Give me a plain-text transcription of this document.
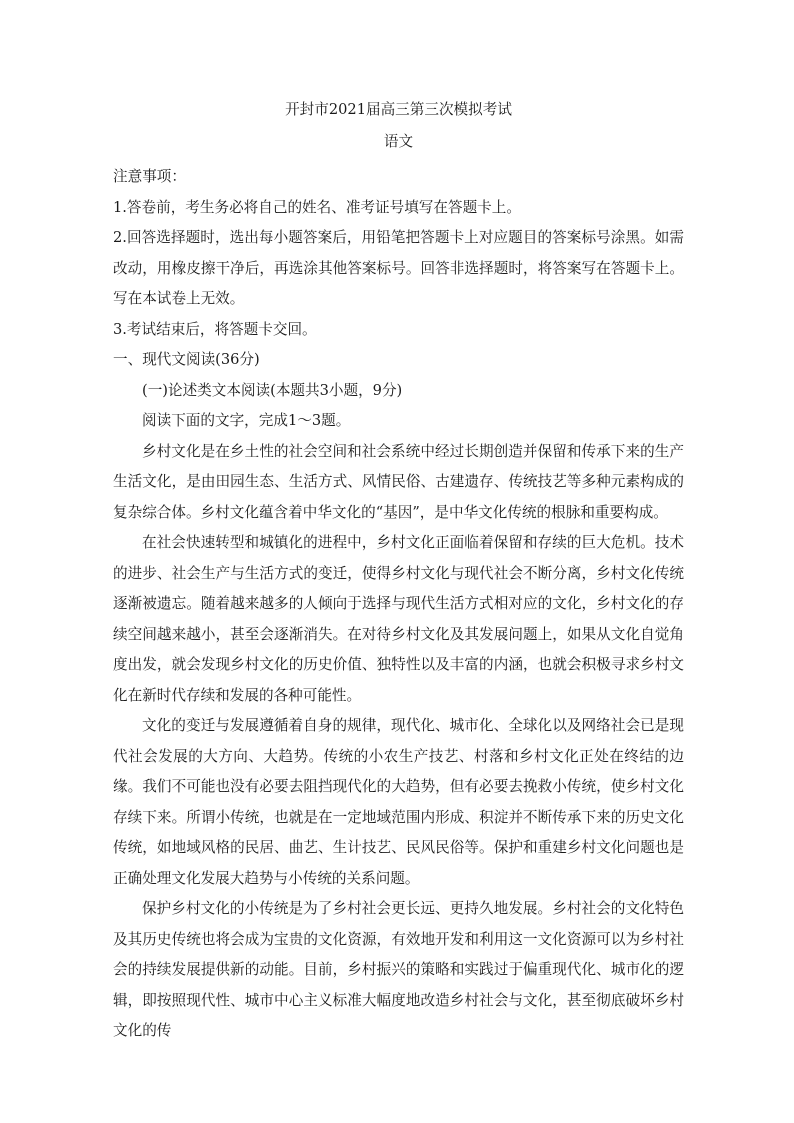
开封市2021届高三第三次模拟考试

语文

注意事项：

1.答卷前，考生务必将自己的姓名、准考证号填写在答题卡上。

2.回答选择题时，选出每小题答案后，用铅笔把答题卡上对应题目的答案标号涂黑。如需改动，用橡皮擦干净后，再选涂其他答案标号。回答非选择题时，将答案写在答题卡上。写在本试卷上无效。

3.考试结束后，将答题卡交回。

一、现代文阅读(36分)

(一)论述类文本阅读(本题共3小题，9分)

阅读下面的文字，完成1～3题。

乡村文化是在乡土性的社会空间和社会系统中经过长期创造并保留和传承下来的生产生活文化，是由田园生态、生活方式、风情民俗、古建遗存、传统技艺等多种元素构成的复杂综合体。乡村文化蕴含着中华文化的“基因”，是中华文化传统的根脉和重要构成。

在社会快速转型和城镇化的进程中，乡村文化正面临着保留和存续的巨大危机。技术的进步、社会生产与生活方式的变迁，使得乡村文化与现代社会不断分离，乡村文化传统逐渐被遗忘。随着越来越多的人倾向于选择与现代生活方式相对应的文化，乡村文化的存续空间越来越小，甚至会逐渐消失。在对待乡村文化及其发展问题上，如果从文化自觉角度出发，就会发现乡村文化的历史价值、独特性以及丰富的内涵，也就会积极寻求乡村文化在新时代存续和发展的各种可能性。

文化的变迁与发展遵循着自身的规律，现代化、城市化、全球化以及网络社会已是现代社会发展的大方向、大趋势。传统的小农生产技艺、村落和乡村文化正处在终结的边缘。我们不可能也没有必要去阻挡现代化的大趋势，但有必要去挽救小传统，使乡村文化存续下来。所谓小传统，也就是在一定地域范围内形成、积淀并不断传承下来的历史文化传统，如地域风格的民居、曲艺、生计技艺、民风民俗等。保护和重建乡村文化问题也是正确处理文化发展大趋势与小传统的关系问题。

保护乡村文化的小传统是为了乡村社会更长远、更持久地发展。乡村社会的文化特色及其历史传统也将会成为宝贵的文化资源，有效地开发和利用这一文化资源可以为乡村社会的持续发展提供新的动能。目前，乡村振兴的策略和实践过于偏重现代化、城市化的逻辑，即按照现代性、城市中心主义标准大幅度地改造乡村社会与文化，甚至彻底破坏乡村文化的传
